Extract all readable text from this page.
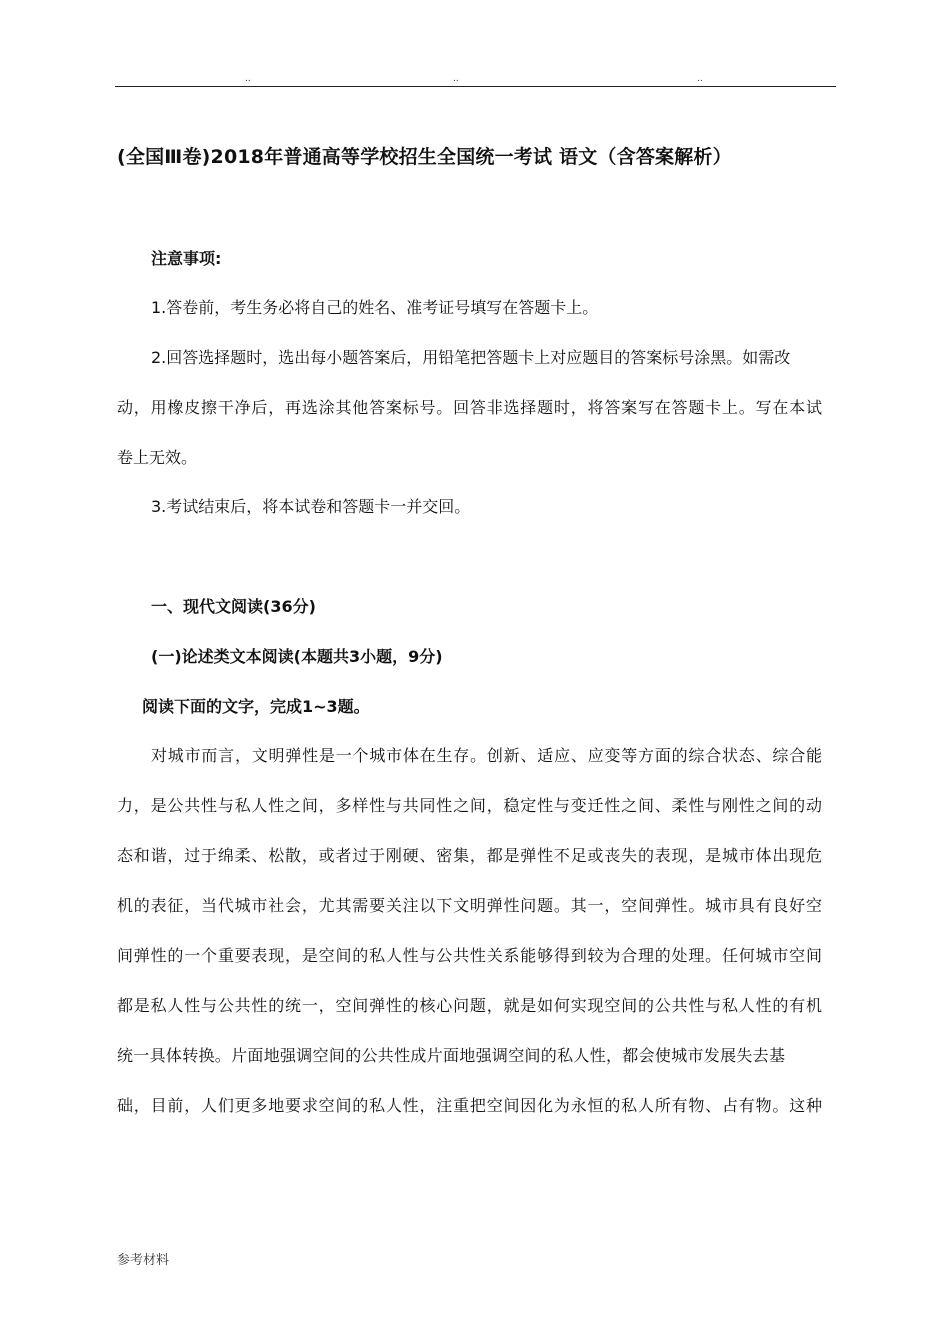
..	..	..
(全国Ⅲ卷)2018年普通高等学校招生全国统一考试 语文（含答案解析）
注意事项:
1.答卷前，考生务必将自己的姓名、准考证号填写在答题卡上。
2.回答选择题时，选出每小题答案后，用铅笔把答题卡上对应题目的答案标号涂黑。如需改
动，用橡皮擦干净后，再选涂其他答案标号。回答非选择题时，将答案写在答题卡上。写在本试
卷上无效。
3.考试结束后，将本试卷和答题卡一并交回。
一、现代文阅读(36分)
(一)论述类文本阅读(本题共3小题，9分)
阅读下面的文字，完成1~3题。
对城市而言，文明弹性是一个城市体在生存。创新、适应、应变等方面的综合状态、综合能
力，是公共性与私人性之间，多样性与共同性之间，稳定性与变迁性之间、柔性与刚性之间的动
态和谐，过于绵柔、松散，或者过于刚硬、密集，都是弹性不足或丧失的表现，是城市体出现危
机的表征，当代城市社会，尤其需要关注以下文明弹性问题。其一，空间弹性。城市具有良好空
间弹性的一个重要表现，是空间的私人性与公共性关系能够得到较为合理的处理。任何城市空间
都是私人性与公共性的统一，空间弹性的核心问题，就是如何实现空间的公共性与私人性的有机
统一具体转换。片面地强调空间的公共性成片面地强调空间的私人性，都会使城市发展失去基
础，目前，人们更多地要求空间的私人性，注重把空间因化为永恒的私人所有物、占有物。这种
参考材料
